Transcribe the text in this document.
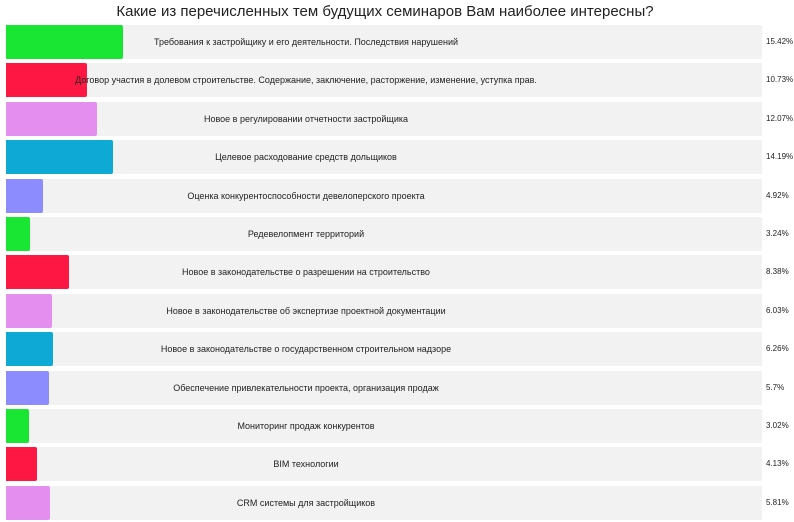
Какие из перечисленных тем будущих семинаров Вам наиболее интересны?
Требования к застройщику и его деятельности. Последствия нарушений	15.42%
Договор участия в долевом строительстве. Содержание, заключение, расторжение, изменение, уступка прав.	10.73%
Новое в регулировании отчетности застройщика	12.07%
Целевое расходование средств дольщиков	14.19%
Оценка конкурентоспособности девелоперского проекта	4.92%
Редевелопмент территорий	3.24%
Новое в законодательстве о разрешении на строительство	8.38%
Новое в законодательстве об экспертизе проектной документации	6.03%
Новое в законодательстве о государственном строительном надзоре	6.26%
Обеспечение привлекательности проекта, организация продаж	5.7%
Мониторинг продаж конкурентов	3.02%
BIM технологии	4.13%
CRM системы для застройщиков	5.81%
